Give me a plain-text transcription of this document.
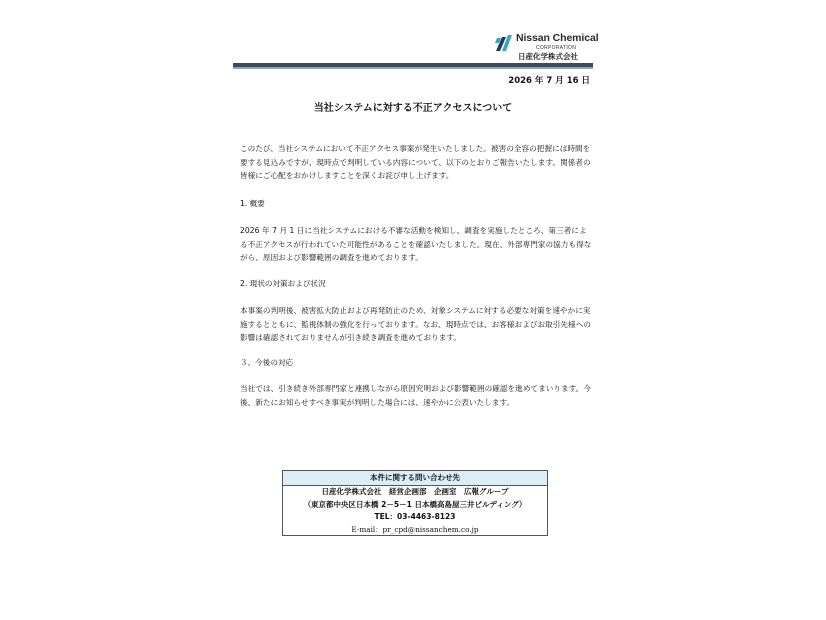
Nissan Chemical
CORPORATION
日産化学株式会社
2026 年 7 月 16 日
当社システムに対する不正アクセスについて
このたび、当社システムにおいて不正アクセス事案が発生いたしました。被害の全容の把握には時間を要する見込みですが、現時点で判明している内容について、以下のとおりご報告いたします。関係者の皆様にご心配をおかけしますことを深くお詫び申し上げます。
1. 概要
2026 年 7 月 1 日に当社システムにおける不審な活動を検知し、調査を実施したところ、第三者による不正アクセスが行われていた可能性があることを確認いたしました。現在、外部専門家の協力も得ながら、原因および影響範囲の調査を進めております。
2. 現状の対策および状況
本事案の判明後、被害拡大防止および再発防止のため、対象システムに対する必要な対策を速やかに実施するとともに、監視体制の強化を行っております。なお、現時点では、お客様およびお取引先様への影響は確認されておりませんが引き続き調査を進めております。
３、今後の対応
当社では、引き続き外部専門家と連携しながら原因究明および影響範囲の確認を進めてまいります。今後、新たにお知らせすべき事実が判明した場合には、速やかに公表いたします。
本件に関する問い合わせ先
日産化学株式会社　経営企画部　企画室　広報グループ
（東京都中央区日本橋 2－5－1 日本橋高島屋三井ビルディング）
TEL：03-4463-8123
E-mail：pr_cpd@nissanchem.co.jp
